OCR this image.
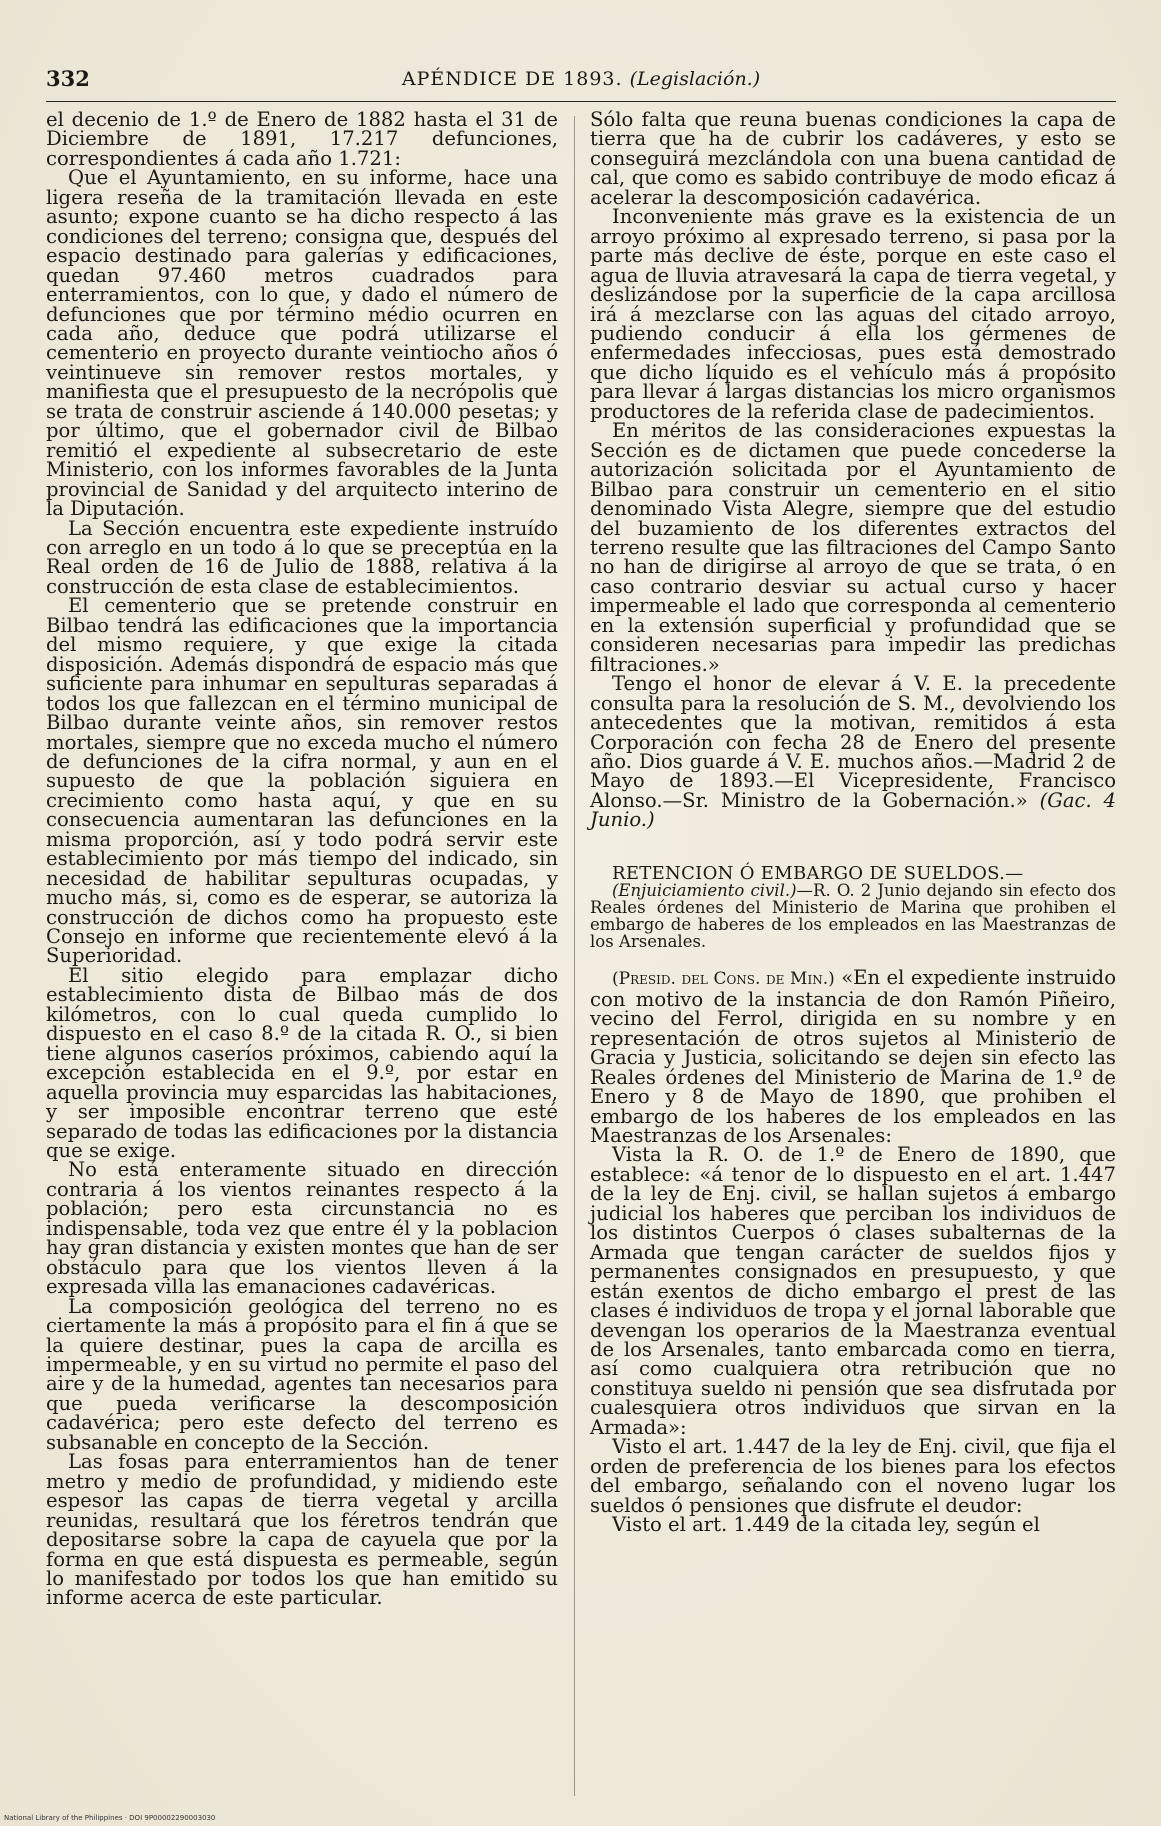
332	APÉNDICE DE 1893. (Legislación.)

el decenio de 1.º de Enero de 1882 hasta el 31 de Diciembre de 1891, 17.217 defunciones, correspondientes á cada año 1.721:

Que el Ayuntamiento, en su informe, hace una ligera reseña de la tramitación llevada en este asunto; expone cuanto se ha dicho respecto á las condiciones del terreno; consigna que, después del espacio destinado para galerías y edificaciones, quedan 97.460 metros cuadrados para enterramientos, con lo que, y dado el número de defunciones que por término médio ocurren en cada año, deduce que podrá utilizarse el cementerio en proyecto durante veintiocho años ó veintinueve sin remover restos mortales, y manifiesta que el presupuesto de la necrópolis que se trata de construir asciende á 140.000 pesetas; y por último, que el gobernador civil de Bilbao remitió el expediente al subsecretario de este Ministerio, con los informes favorables de la Junta provincial de Sanidad y del arquitecto interino de la Diputación.

La Sección encuentra este expediente instruído con arreglo en un todo á lo que se preceptúa en la Real orden de 16 de Julio de 1888, relativa á la construcción de esta clase de establecimientos.

El cementerio que se pretende construir en Bilbao tendrá las edificaciones que la importancia del mismo requiere, y que exige la citada disposición. Además dispondrá de espacio más que suficiente para inhumar en sepulturas separadas á todos los que fallezcan en el término municipal de Bilbao durante veinte años, sin remover restos mortales, siempre que no exceda mucho el número de defunciones de la cifra normal, y aun en el supuesto de que la población siguiera en crecimiento como hasta aquí, y que en su consecuencia aumentaran las defunciones en la misma proporción, así y todo podrá servir este establecimiento por más tiempo del indicado, sin necesidad de habilitar sepulturas ocupadas, y mucho más, si, como es de esperar, se autoriza la construcción de dichos como ha propuesto este Consejo en informe que recientemente elevó á la Superioridad.

El sitio elegido para emplazar dicho establecimiento dista de Bilbao más de dos kilómetros, con lo cual queda cumplido lo dispuesto en el caso 8.º de la citada R. O., si bien tiene algunos caseríos próximos, cabiendo aquí la excepción establecida en el 9.º, por estar en aquella provincia muy esparcidas las habitaciones, y ser imposible encontrar terreno que esté separado de todas las edificaciones por la distancia que se exige.

No está enteramente situado en dirección contraria á los vientos reinantes respecto á la población; pero esta circunstancia no es indispensable, toda vez que entre él y la poblacion hay gran distancia y existen montes que han de ser obstáculo para que los vientos lleven á la expresada villa las emanaciones cadavéricas.

La composición geológica del terreno no es ciertamente la más á propósito para el fin á que se la quiere destinar, pues la capa de arcilla es impermeable, y en su virtud no permite el paso del aire y de la humedad, agentes tan necesarios para que pueda verificarse la descomposición cadavérica; pero este defecto del terreno es subsanable en concepto de la Sección.

Las fosas para enterramientos han de tener metro y medio de profundidad, y midiendo este espesor las capas de tierra vegetal y arcilla reunidas, resultará que los féretros tendrán que depositarse sobre la capa de cayuela que por la forma en que está dispuesta es permeable, según lo manifestado por todos los que han emitido su informe acerca de este particular.

Sólo falta que reuna buenas condiciones la capa de tierra que ha de cubrir los cadáveres, y esto se conseguirá mezclándola con una buena cantidad de cal, que como es sabido contribuye de modo eficaz á acelerar la descomposición cadavérica.

Inconveniente más grave es la existencia de un arroyo próximo al expresado terreno, si pasa por la parte más declive de éste, porque en este caso el agua de lluvia atravesará la capa de tierra vegetal, y deslizándose por la superficie de la capa arcillosa irá á mezclarse con las aguas del citado arroyo, pudiendo conducir á ella los gérmenes de enfermedades infecciosas, pues está demostrado que dicho líquido es el vehículo más á propósito para llevar á largas distancias los micro organismos productores de la referida clase de padecimientos.

En méritos de las consideraciones expuestas la Sección es de dictamen que puede concederse la autorización solicitada por el Ayuntamiento de Bilbao para construir un cementerio en el sitio denominado Vista Alegre, siempre que del estudio del buzamiento de los diferentes extractos del terreno resulte que las filtraciones del Campo Santo no han de dirigirse al arroyo de que se trata, ó en caso contrario desviar su actual curso y hacer impermeable el lado que corresponda al cementerio en la extensión superficial y profundidad que se consideren necesarias para impedir las predichas filtraciones.»

Tengo el honor de elevar á V. E. la precedente consulta para la resolución de S. M., devolviendo los antecedentes que la motivan, remitidos á esta Corporación con fecha 28 de Enero del presente año. Dios guarde á V. E. muchos años.—Madrid 2 de Mayo de 1893.—El Vicepresidente, Francisco Alonso.—Sr. Ministro de la Gobernación.» (Gac. 4 Junio.)

RETENCION Ó EMBARGO DE SUELDOS.—

(Enjuiciamiento civil.)—R. O. 2 Junio dejando sin efecto dos Reales órdenes del Ministerio de Marina que prohiben el embargo de haberes de los empleados en las Maestranzas de los Arsenales.

(Presid. del Cons. de Min.) «En el expediente instruido con motivo de la instancia de don Ramón Piñeiro, vecino del Ferrol, dirigida en su nombre y en representación de otros sujetos al Ministerio de Gracia y Justicia, solicitando se dejen sin efecto las Reales órdenes del Ministerio de Marina de 1.º de Enero y 8 de Mayo de 1890, que prohiben el embargo de los haberes de los empleados en las Maestranzas de los Arsenales:

Vista la R. O. de 1.º de Enero de 1890, que establece: «á tenor de lo dispuesto en el art. 1.447 de la ley de Enj. civil, se hallan sujetos á embargo judicial los haberes que perciban los individuos de los distintos Cuerpos ó clases subalternas de la Armada que tengan carácter de sueldos fijos y permanentes consignados en presupuesto, y que están exentos de dicho embargo el prest de las clases é individuos de tropa y el jornal laborable que devengan los operarios de la Maestranza eventual de los Arsenales, tanto embarcada como en tierra, así como cualquiera otra retribución que no constituya sueldo ni pensión que sea disfrutada por cualesquiera otros individuos que sirvan en la Armada»:

Visto el art. 1.447 de la ley de Enj. civil, que fija el orden de preferencia de los bienes para los efectos del embargo, señalando con el noveno lugar los sueldos ó pensiones que disfrute el deudor:

Visto el art. 1.449 de la citada ley, según el

National Library of the Philippines · DOI 9P00002290003030
